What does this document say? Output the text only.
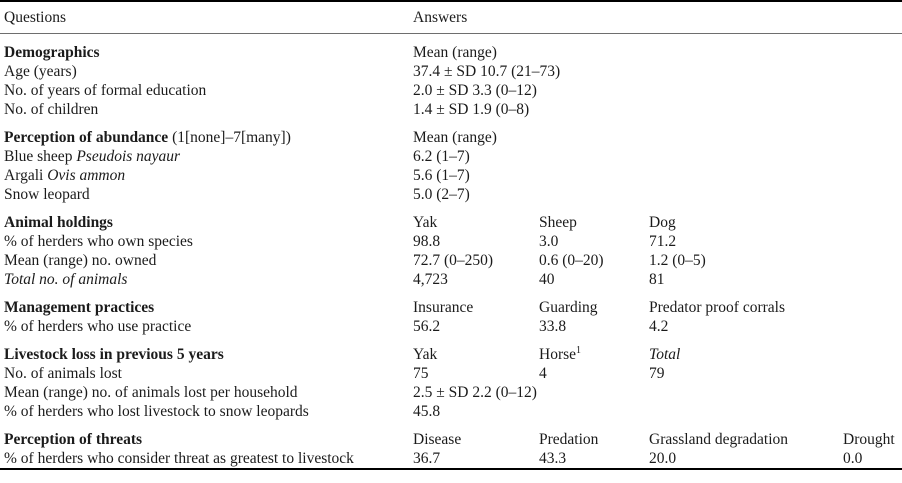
Questions	Answers			
Demographics	Mean (range)			
Age (years)	37.4 ± SD 10.7 (21–73)			
No. of years of formal education	2.0 ± SD 3.3 (0–12)			
No. of children	1.4 ± SD 1.9 (0–8)			
Perception of abundance (1[none]–7[many])	Mean (range)			
Blue sheep Pseudois nayaur	6.2 (1–7)			
Argali Ovis ammon	5.6 (1–7)			
Snow leopard	5.0 (2–7)			
Animal holdings	Yak	Sheep	Dog	
% of herders who own species	98.8	3.0	71.2	
Mean (range) no. owned	72.7 (0–250)	0.6 (0–20)	1.2 (0–5)	
Total no. of animals	4,723	40	81	
Management practices	Insurance	Guarding	Predator proof corrals	
% of herders who use practice	56.2	33.8	4.2	
Livestock loss in previous 5 years	Yak	Horse$^1$	Total	
No. of animals lost	75	4	79	
Mean (range) no. of animals lost per household	2.5 ± SD 2.2 (0–12)			
% of herders who lost livestock to snow leopards	45.8			
Perception of threats	Disease	Predation	Grassland degradation	Drought
% of herders who consider threat as greatest to livestock	36.7	43.3	20.0	0.0
